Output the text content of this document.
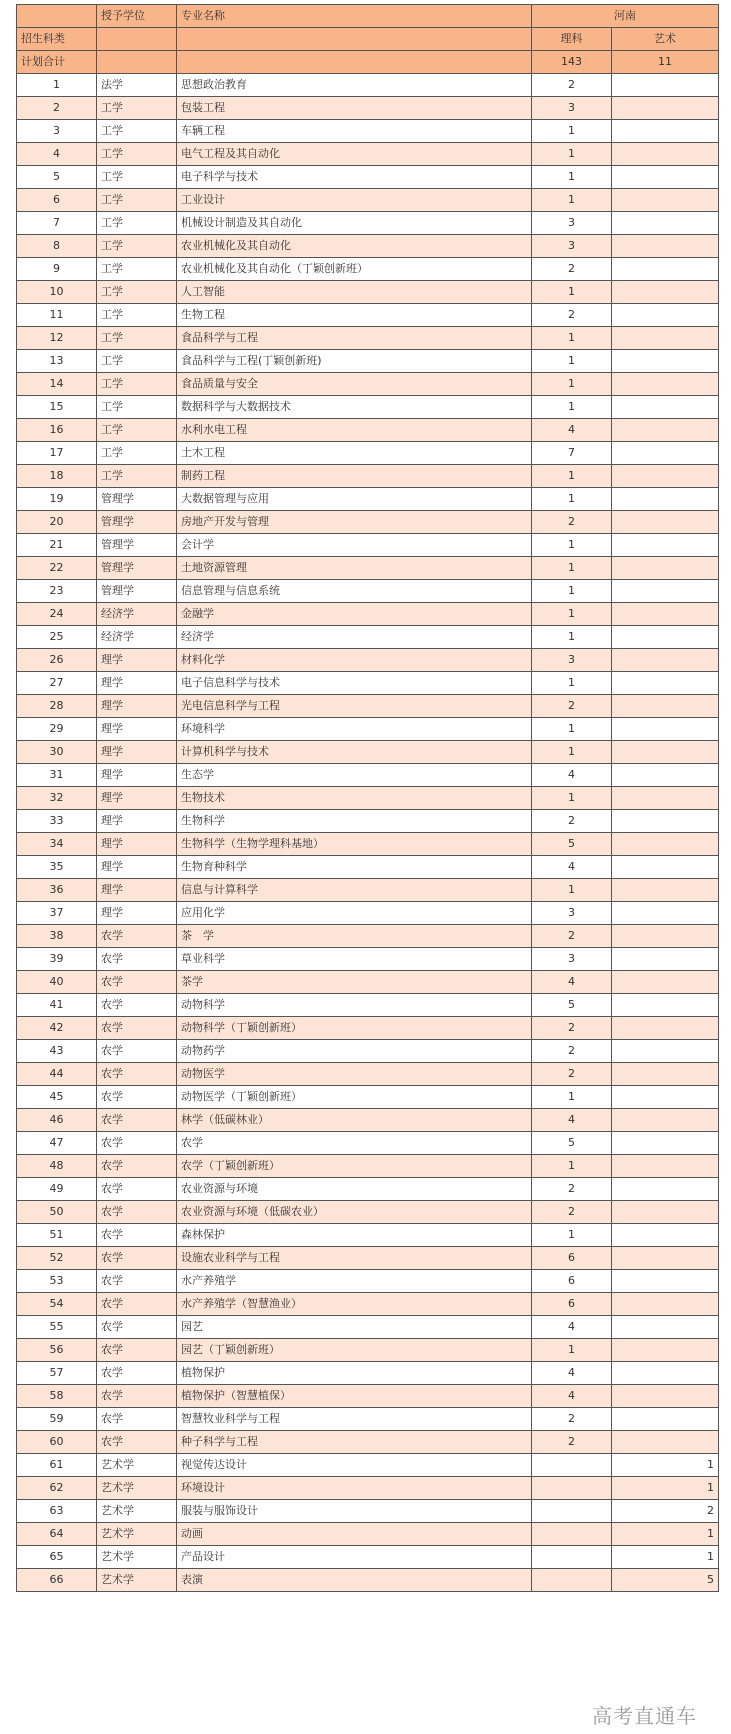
	授予学位	专业名称	河南	
招生科类			理科	艺术
计划合计			143	11
1	法学	思想政治教育	2	
2	工学	包装工程	3	
3	工学	车辆工程	1	
4	工学	电气工程及其自动化	1	
5	工学	电子科学与技术	1	
6	工学	工业设计	1	
7	工学	机械设计制造及其自动化	3	
8	工学	农业机械化及其自动化	3	
9	工学	农业机械化及其自动化（丁颖创新班）	2	
10	工学	人工智能	1	
11	工学	生物工程	2	
12	工学	食品科学与工程	1	
13	工学	食品科学与工程(丁颖创新班)	1	
14	工学	食品质量与安全	1	
15	工学	数据科学与大数据技术	1	
16	工学	水利水电工程	4	
17	工学	土木工程	7	
18	工学	制药工程	1	
19	管理学	大数据管理与应用	1	
20	管理学	房地产开发与管理	2	
21	管理学	会计学	1	
22	管理学	土地资源管理	1	
23	管理学	信息管理与信息系统	1	
24	经济学	金融学	1	
25	经济学	经济学	1	
26	理学	材料化学	3	
27	理学	电子信息科学与技术	1	
28	理学	光电信息科学与工程	2	
29	理学	环境科学	1	
30	理学	计算机科学与技术	1	
31	理学	生态学	4	
32	理学	生物技术	1	
33	理学	生物科学	2	
34	理学	生物科学（生物学理科基地）	5	
35	理学	生物育种科学	4	
36	理学	信息与计算科学	1	
37	理学	应用化学	3	
38	农学	茶　学	2	
39	农学	草业科学	3	
40	农学	茶学	4	
41	农学	动物科学	5	
42	农学	动物科学（丁颖创新班）	2	
43	农学	动物药学	2	
44	农学	动物医学	2	
45	农学	动物医学（丁颖创新班）	1	
46	农学	林学（低碳林业）	4	
47	农学	农学	5	
48	农学	农学（丁颖创新班）	1	
49	农学	农业资源与环境	2	
50	农学	农业资源与环境（低碳农业）	2	
51	农学	森林保护	1	
52	农学	设施农业科学与工程	6	
53	农学	水产养殖学	6	
54	农学	水产养殖学（智慧渔业）	6	
55	农学	园艺	4	
56	农学	园艺（丁颖创新班）	1	
57	农学	植物保护	4	
58	农学	植物保护（智慧植保）	4	
59	农学	智慧牧业科学与工程	2	
60	农学	种子科学与工程	2	
61	艺术学	视觉传达设计		1
62	艺术学	环境设计		1
63	艺术学	服装与服饰设计		2
64	艺术学	动画		1
65	艺术学	产品设计		1
66	艺术学	表演		5
高考直通车
